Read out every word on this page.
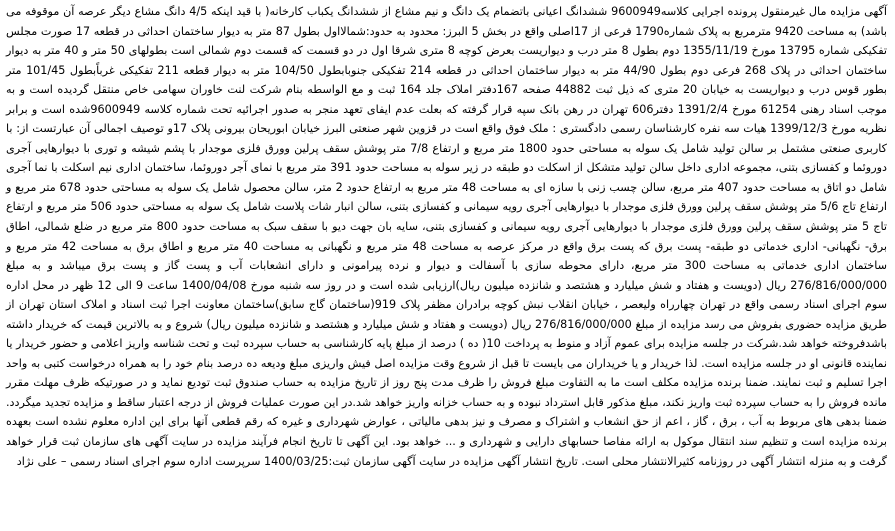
آگهی مزایده مال غیرمنقول پرونده اجرایی کلاسه9600949 ششدانگ اعیانی باتضمام یک دانگ و نیم مشاع از ششدانگ یکباب کارخانه( با قید اینکه 4/5 دانگ مشاع دیگر عرصه آن موقوفه می باشد) به مساحت 9420 مترمربع به پلاک شماره1790 فرعی از 17اصلی واقع در بخش 5 البرز: محدود به حدود:شمالااول بطول 87 متر به دیوار ساختمان احداثی در قطعه 17 صورت مجلس تفکیکی شماره 13795 مورخ 1355/11/19 دوم بطول 8 متر درب و دیواریست بعرض کوچه 8 متری شرقا اول در دو قسمت که قسمت دوم شمالی است بطولهای 50 متر و 40 متر به دیوار ساختمان احداثی در پلاک 268 فرعی دوم بطول 44/90 متر به دیوار ساختمان احداثی در قطعه 214 تفکیکی جنوبابطول 104/50 متر به دیوار قطعه 211 تفکیکی غرباًبطول 101/45 متر بطور قوس درب و دیواریست به خیابان 20 متری که ذیل ثبت 44882 صفحه 167دفتر املاک جلد 164 ثبت و مع الواسطه بنام شرکت لنت خاوران سهامی خاص منتقل گردیده است و به موجب اسناد رهنی 61254 مورخ 1391/2/4 دفتر606 تهران در رهن بانک سپه قرار گرفته که بعلت عدم ایفای تعهد منجر به صدور اجرائیه تحت شماره کلاسه 9600949شده است و برابر نظریه مورخ 1399/12/3 هیات سه نفره کارشناسان رسمی دادگستری : ملک فوق واقع است در قزوین شهر صنعتی البرز خیابان ابوریحان بیرونی پلاک 17و توصیف اجمالی آن عبارتست از: با کاربری صنعتی مشتمل بر سالن تولید شامل یک سوله به مساحتی حدود 1800 متر مربع و ارتفاع 7/8 متر پوشش سقف پرلین وورق فلزی موجدار با پشم شیشه و توری با دیوارهایی آجری دوروئما و کفسازی بتنی، مجموعه اداری داخل سالن تولید متشکل از اسکلت دو طبقه در زیر سوله به مساحت حدود 391 متر مربع با نمای آجر دوروئما، ساختمان اداری نیم اسکلت با نما آجری شامل دو اتاق به مساحت حدود 407 متر مربع، سالن چسب زنی با سازه ای به مساحت 48 متر مربع به ارتفاع حدود 2 متر، سالن محصول شامل یک سوله به مساحتی حدود 678 متر مربع و ارتفاع تاج 5/6 متر پوشش سقف پرلین وورق فلزی موجدار با دیوارهایی آجری رویه سیمانی و کفسازی بتنی، سالن انبار شات پلاست شامل یک سوله به مساحتی حدود 506 متر مربع و ارتفاع تاج 5 متر پوشش سقف پرلین وورق فلزی موجدار با دیوارهایی آجری رویه سیمانی و کفسازی بتنی، سایه بان جهت دیو با سقف سبک به مساحت حدود 800 متر مربع در ضلع شمالی، اطاق برق- نگهبانی- اداری خدماتی دو طبقه- پست برق که پست برق واقع در مرکز عرصه به مساحت 48 متر مربع و نگهبانی به مساحت 40 متر مربع و اطاق برق به مساحت 42 متر مربع و ساختمان اداری خدماتی به مساحت 300 متر مربع، دارای محوطه سازی با آسفالت و دیوار و نرده پیرامونی و دارای انشعابات آب و پست گاز و پست برق میباشد و به مبلغ 276/816/000/000 ریال (دویست و هفتاد و شش میلیارد و هشتصد و شانزده میلیون ریال)ارزیابی شده است و در روز سه شنبه مورخ 1400/04/08 ساعت 9 الی 12 ظهر در محل اداره سوم اجرای اسناد رسمی واقع در تهران چهارراه ولیعصر ، خیابان انقلاب نبش کوچه برادران مظفر پلاک 919(ساختمان گاج سابق)ساختمان معاونت اجرا ثبت اسناد و املاک استان تهران از طریق مزایده حضوری بفروش می رسد مزایده از مبلغ 276/816/000/000 ریال (دویست و هفتاد و شش میلیارد و هشتصد و شانزده میلیون ریال) شروع و به بالاترین قیمت که خریدار داشته باشدفروخته خواهد شد.شرکت در جلسه مزایده برای عموم آزاد و منوط به پرداخت 10( ده ) درصد از مبلغ پایه کارشناسی به حساب سپرده ثبت و تحت شناسه واریز اعلامی و حضور خریدار یا نماینده قانونی او در جلسه مزایده است. لذا خریدار و یا خریداران می بایست تا قبل از شروع وقت مزایده اصل فیش واریزی مبلغ ودیعه ده درصد بنام خود را به همراه درخواست کتبی به واحد اجرا تسلیم و ثبت نمایند. ضمنا برنده مزایده مکلف است ما به التفاوت مبلغ فروش را ظرف مدت پنج روز از تاریخ مزایده به حساب صندوق ثبت تودیع نماید و در صورتیکه ظرف مهلت مقرر مانده فروش را به حساب سپرده ثبت واریز نکند، مبلغ مذکور قابل استرداد نبوده و به حساب خزانه واریز خواهد شد.در این صورت عملیات فروش از درجه اعتبار ساقط و مزایده تجدید میگردد. ضمنا بدهی های مربوط به آب ، برق ، گاز ، اعم از حق انشعاب و اشتراک و مصرف و نیز بدهی مالیاتی ، عوارض شهرداری و غیره که رقم قطعی آنها برای این اداره معلوم نشده است بعهده برنده مزایده است و تنظیم سند انتقال موکول به ارائه مفاصا حسابهای دارایی و شهرداری و ... خواهد بود. این آگهی تا تاریخ انجام فرآیند مزایده در سایت آگهی های سازمان ثبت قرار خواهد گرفت و به منزله انتشار آگهی در روزنامه کثیرالانتشار محلی است. تاریخ انتشار آگهی مزایده در سایت آگهی سازمان ثبت:1400/03/25 سرپرست اداره سوم اجرای اسناد رسمی – علی نژاد
